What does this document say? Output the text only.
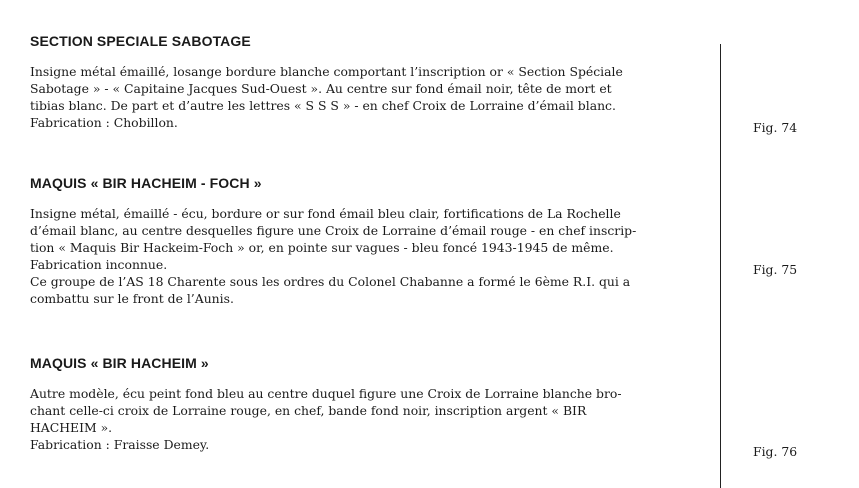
SECTION SPECIALE SABOTAGE

Insigne métal émaillé, losange bordure blanche comportant l’inscription or « Section Spéciale

Sabotage » - « Capitaine Jacques Sud-Ouest ». Au centre sur fond émail noir, tête de mort et

tibias blanc. De part et d’autre les lettres « S S S » - en chef Croix de Lorraine d’émail blanc.

Fabrication : Chobillon.	Fig. 74

MAQUIS « BIR HACHEIM - FOCH »

Insigne métal, émaillé - écu, bordure or sur fond émail bleu clair, fortifications de La Rochelle

d’émail blanc, au centre desquelles figure une Croix de Lorraine d’émail rouge - en chef inscrip-

tion « Maquis Bir Hackeim-Foch » or, en pointe sur vagues - bleu foncé 1943-1945 de même.

Fabrication inconnue.

Ce groupe de l’AS 18 Charente sous les ordres du Colonel Chabanne a formé le 6ème R.I. qui a

combattu sur le front de l’Aunis.

Fig. 75

MAQUIS « BIR HACHEIM »

Autre modèle, écu peint fond bleu au centre duquel figure une Croix de Lorraine blanche bro-

chant celle-ci croix de Lorraine rouge, en chef, bande fond noir, inscription argent « BIR

HACHEIM ».

Fabrication : Fraisse Demey.	Fig. 76
